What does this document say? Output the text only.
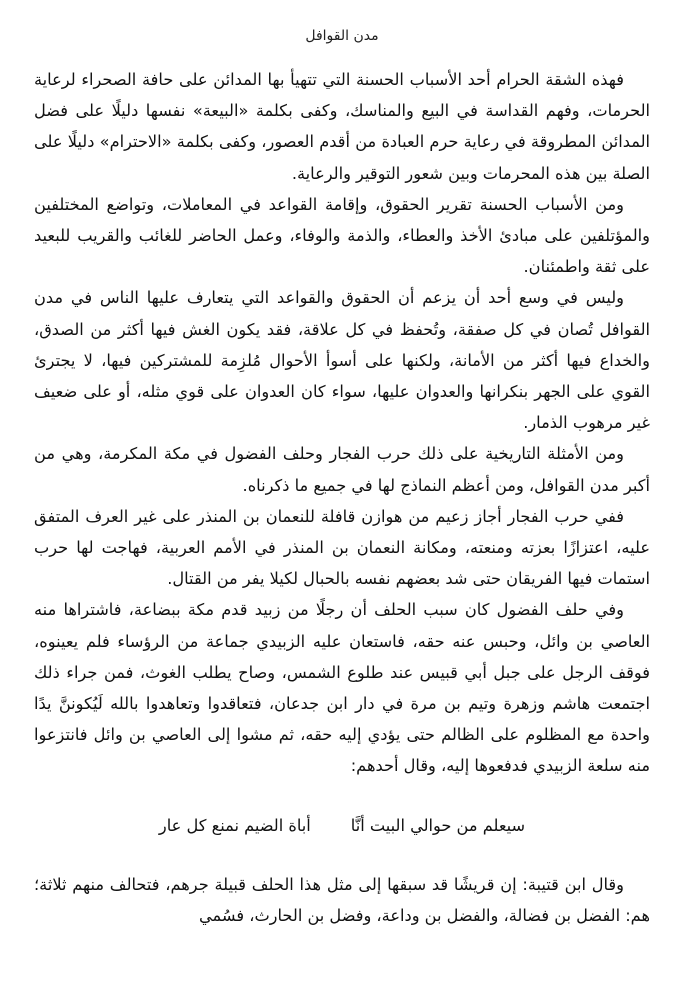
مدن القوافل

فهذه الشقة الحرام أحد الأسباب الحسنة التي تتهيأ بها المدائن على حافة الصحراء لرعاية الحرمات، وفهم القداسة في البيع والمناسك، وكفى بكلمة «البيعة» نفسها دليلًا على فضل المدائن المطروقة في رعاية حرم العبادة من أقدم العصور، وكفى بكلمة «الاحترام» دليلًا على الصلة بين هذه المحرمات وبين شعور التوقير والرعاية.

ومن الأسباب الحسنة تقرير الحقوق، وإقامة القواعد في المعاملات، وتواضع المختلفين والمؤتلفين على مبادئ الأخذ والعطاء، والذمة والوفاء، وعمل الحاضر للغائب والقريب للبعيد على ثقة واطمئنان.

وليس في وسع أحد أن يزعم أن الحقوق والقواعد التي يتعارف عليها الناس في مدن القوافل تُصان في كل صفقة، وتُحفظ في كل علاقة، فقد يكون الغش فيها أكثر من الصدق، والخداع فيها أكثر من الأمانة، ولكنها على أسوأ الأحوال مُلزِمة للمشتركين فيها، لا يجترئ القوي على الجهر بنكرانها والعدوان عليها، سواء كان العدوان على قوي مثله، أو على ضعيف غير مرهوب الذمار.

ومن الأمثلة التاريخية على ذلك حرب الفجار وحلف الفضول في مكة المكرمة، وهي من أكبر مدن القوافل، ومن أعظم النماذج لها في جميع ما ذكرناه.

ففي حرب الفجار أجاز زعيم من هوازن قافلة للنعمان بن المنذر على غير العرف المتفق عليه، اعتزازًا بعزته ومنعته، ومكانة النعمان بن المنذر في الأمم العربية، فهاجت لها حرب استمات فيها الفريقان حتى شد بعضهم نفسه بالحبال لكيلا يفر من القتال.

وفي حلف الفضول كان سبب الحلف أن رجلًا من زبيد قدم مكة ببضاعة، فاشتراها منه العاصي بن وائل، وحبس عنه حقه، فاستعان عليه الزبيدي جماعة من الرؤساء فلم يعينوه، فوقف الرجل على جبل أبي قبيس عند طلوع الشمس، وصاح يطلب الغوث، فمن جراء ذلك اجتمعت هاشم وزهرة وتيم بن مرة في دار ابن جدعان، فتعاقدوا وتعاهدوا بالله لَيُكوننَّ يدًا واحدة مع المظلوم على الظالم حتى يؤدي إليه حقه، ثم مشوا إلى العاصي بن وائل فانتزعوا منه سلعة الزبيدي فدفعوها إليه، وقال أحدهم:

سيعلم من حوالي البيت أنَّا
أباة الضيم نمنع كل عار

وقال ابن قتيبة: إن قريشًا قد سبقها إلى مثل هذا الحلف قبيلة جرهم، فتحالف منهم ثلاثة؛ هم: الفضل بن فضالة، والفضل بن وداعة، وفضل بن الحارث، فسُمي
